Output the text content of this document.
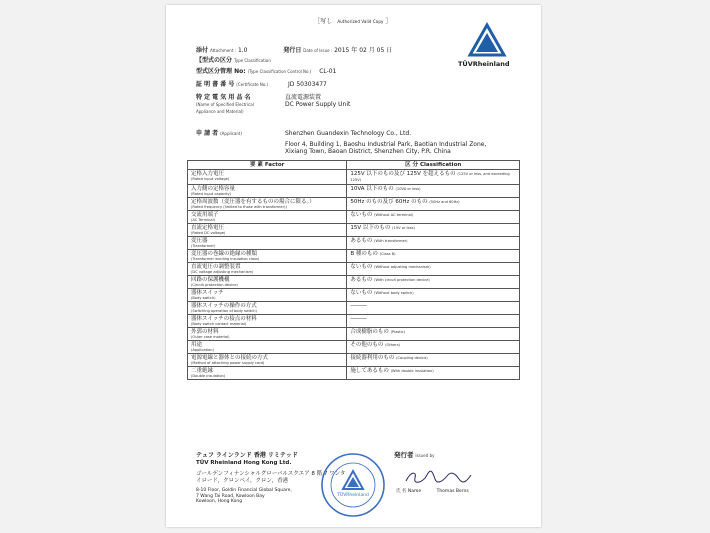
［写し Authorized Valid Copy ］
TÜVRheinland
添付 Attachment : 1.0	発行日 Date of Issue : 2015 年 02 月 05 日
【型式の区分 Type Classification
型式区分管理 No: (Type Classification Control No.) CL-01
証 明 書 番 号 (Certificate No.)	JD 50303477
特 定 電 気 用 品 名
(Name of Specified Electrical
Appliance and Material)
直流電源装置
DC Power Supply Unit
申 請 者 (Applicant)	Shenzhen Guandexin Technology Co., Ltd.
Floor 4, Building 1, Baoshu Industrial Park, Baotian Industrial Zone,
Xixiang Town, Baoan District, Shenzhen City, P.R. China
要 素 Factor	区 分 Classification
定格入力電圧
(Rated input voltage)	125V 以下のもの及び 125V を超えるもの (125V or less, and exceeding 125V)
入力側の定格容量
(Rated input capacity)	10VA 以下のもの (10VA or less)
定格周波数（変圧器を有するものの場合に限る。）
(Rated frequency (limited to those with transformer))	50Hz のもの及び 60Hz のもの (50Hz and 60Hz)
交流用端子
(AC Terminal)	ないもの (Without AC terminal)
直流定格電圧
(Rated DC voltage)	15V 以下のもの (15V or less)
変圧器
(Transformer)	あるもの (With transformer)
変圧器の巻線の絶縁の種類
(Transformer winding insulation class)	B 種のもの (Class B)
直流電圧の調整装置
(DC voltage adjusting mechanism)	ないもの (Without adjusting mechanism)
回路の保護機構
(Circuit protection device)	あるもの (With circuit protection device)
器体スイッチ
(Body switch)	ないもの (Without body switch)
器体スイッチの操作の方式
(Switching operation of body switch)	―――
器体スイッチの接点の材料
(Body switch contact material)	―――
外郭の材料
(Outer case material)	合成樹脂のもの (Plastic)
用途
(Application)	その他のもの (Others)
電源電線と器体との接続の方式
(Method of attaching power supply cord)	接続器利用のもの (Coupling device)
二重絶縁
(Double insulation)	施してあるもの (With double insulation)
テュフ ラインランド 香港 リミテッド
TÜV Rheinland Hong Kong Ltd.
ゴールデンフィナンシャルグローバルスクエア 8 階 7 ワンタイロード，クロンベイ，クロン，香港
8-10 Floor, Goldin Financial Global Square,
7 Wang Tai Road, Kowloon Bay
Kowloon, Hong Kong
TÜVRheinland
発行者 Issued by
氏 名 Name	Thomas Berns
